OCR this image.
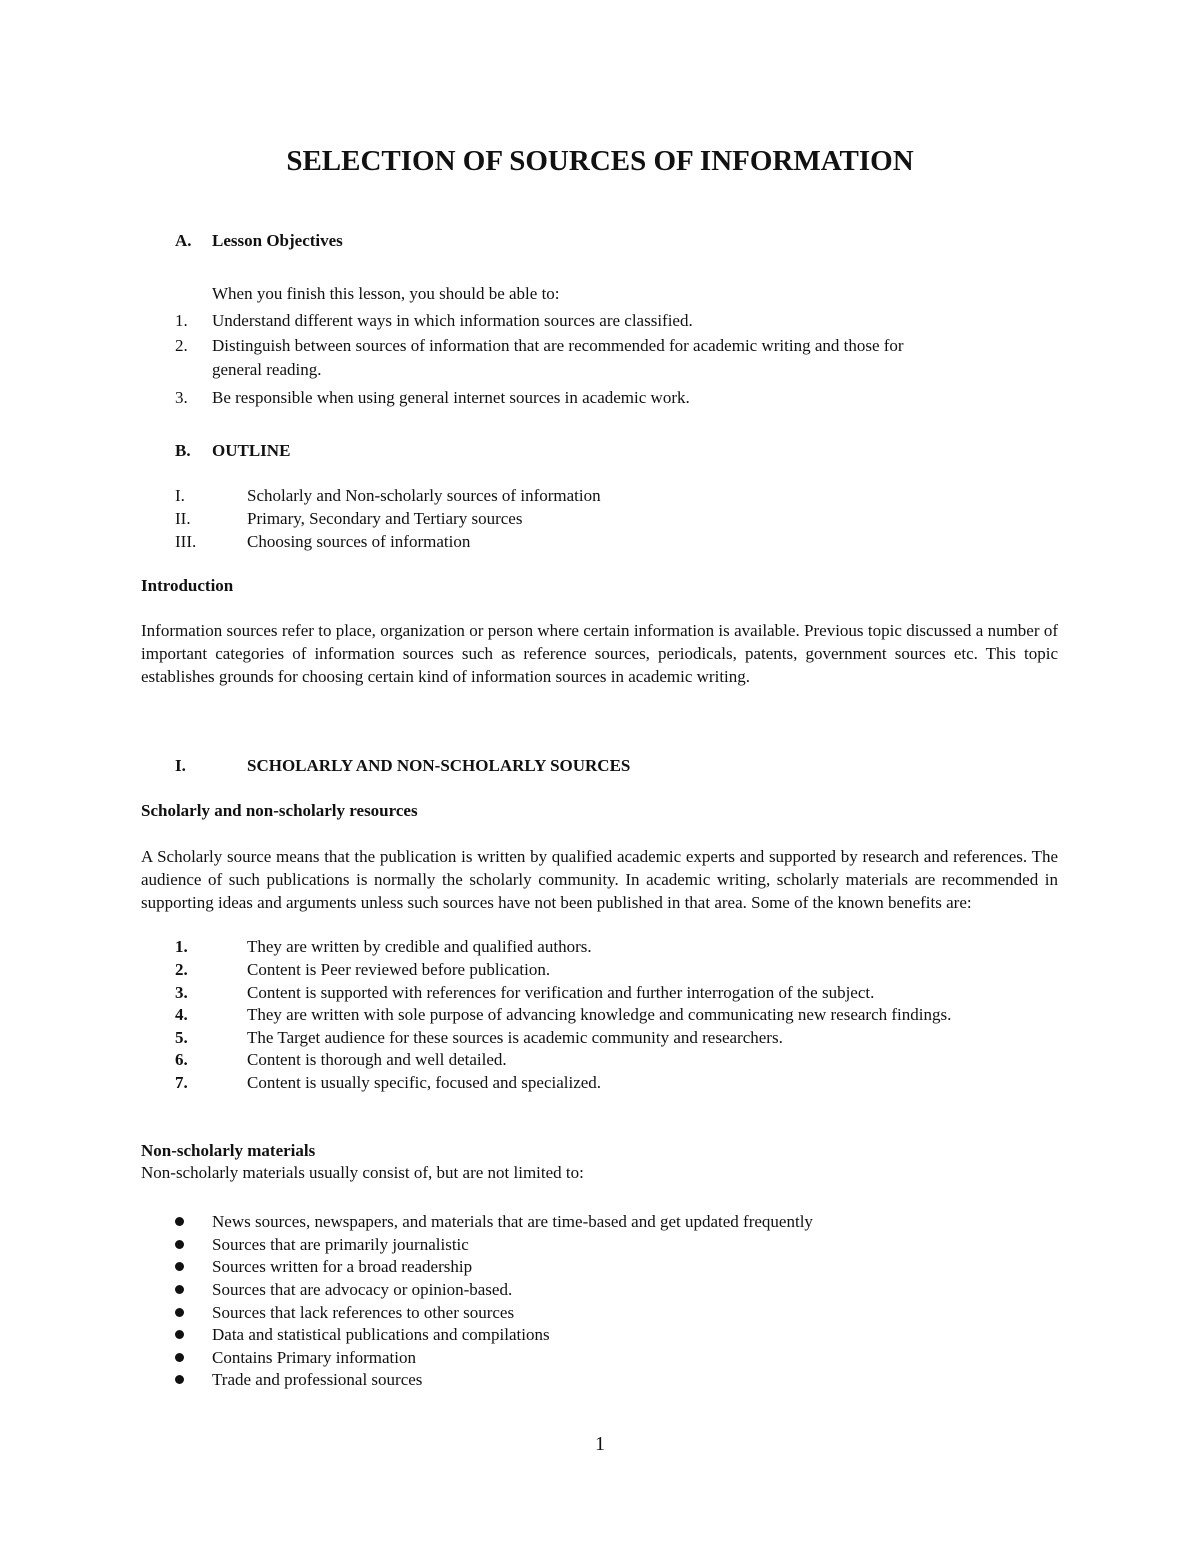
SELECTION OF SOURCES OF INFORMATION
A. Lesson Objectives
When you finish this lesson, you should be able to:
1. Understand different ways in which information sources are classified.
2. Distinguish between sources of information that are recommended for academic writing and those for
general reading.
3. Be responsible when using general internet sources in academic work.
B. OUTLINE
I.	Scholarly and Non-scholarly sources of information
II.	Primary, Secondary and Tertiary sources
III.	Choosing sources of information
Introduction

Information sources refer to place, organization or person where certain information is available. Previous topic discussed a number of important categories of information sources such as reference sources, periodicals, patents, government sources etc. This topic establishes grounds for choosing certain kind of information sources in academic writing.

I.	SCHOLARLY AND NON-SCHOLARLY SOURCES
Scholarly and non-scholarly resources

A Scholarly source means that the publication is written by qualified academic experts and supported by research and references. The audience of such publications is normally the scholarly community. In academic writing, scholarly materials are recommended in supporting ideas and arguments unless such sources have not been published in that area. Some of the known benefits are:

1.	They are written by credible and qualified authors.
2.	Content is Peer reviewed before publication.
3.	Content is supported with references for verification and further interrogation of the subject.
4.	They are written with sole purpose of advancing knowledge and communicating new research findings.
5.	The Target audience for these sources is academic community and researchers.
6.	Content is thorough and well detailed.
7.	Content is usually specific, focused and specialized.
Non-scholarly materials
Non-scholarly materials usually consist of, but are not limited to:
News sources, newspapers, and materials that are time-based and get updated frequently
Sources that are primarily journalistic
Sources written for a broad readership
Sources that are advocacy or opinion-based.
Sources that lack references to other sources
Data and statistical publications and compilations
Contains Primary information
Trade and professional sources
1
